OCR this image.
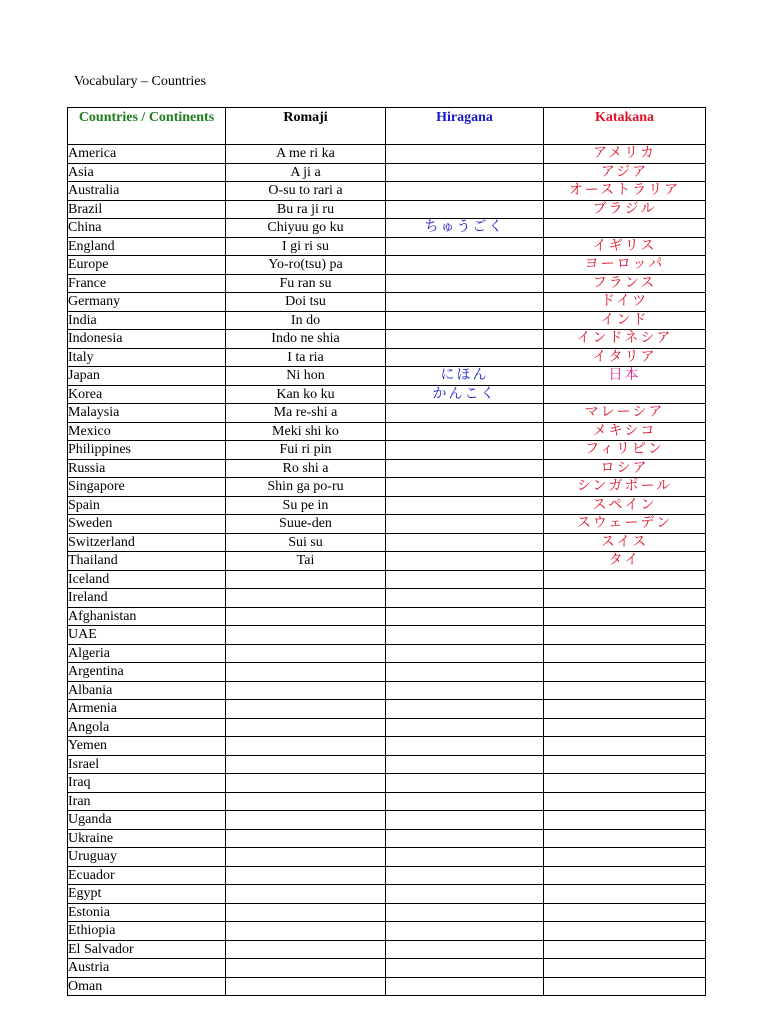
Vocabulary – Countries
Countries / Continents	Romaji	Hiragana	Katakana
America	A me ri ka		アメリカ
Asia	A ji a		アジア
Australia	O-su to rari a		オーストラリア
Brazil	Bu ra ji ru		ブラジル
China	Chiyuu go ku	ちゅうごく	
England	I gi ri su		イギリス
Europe	Yo-ro(tsu) pa		ヨーロッパ
France	Fu ran su		フランス
Germany	Doi tsu		ドイツ
India	In do		インド
Indonesia	Indo ne shia		インドネシア
Italy	I ta ria		イタリア
Japan	Ni hon	にほん	日本
Korea	Kan ko ku	かんこく	
Malaysia	Ma re-shi a		マレーシア
Mexico	Meki shi ko		メキシコ
Philippines	Fui ri pin		フィリピン
Russia	Ro shi a		ロシア
Singapore	Shin ga po-ru		シンガポール
Spain	Su pe in		スペイン
Sweden	Suue-den		スウェーデン
Switzerland	Sui su		スイス
Thailand	Tai		タイ
Iceland			
Ireland			
Afghanistan			
UAE			
Algeria			
Argentina			
Albania			
Armenia			
Angola			
Yemen			
Israel			
Iraq			
Iran			
Uganda			
Ukraine			
Uruguay			
Ecuador			
Egypt			
Estonia			
Ethiopia			
El Salvador			
Austria			
Oman			
